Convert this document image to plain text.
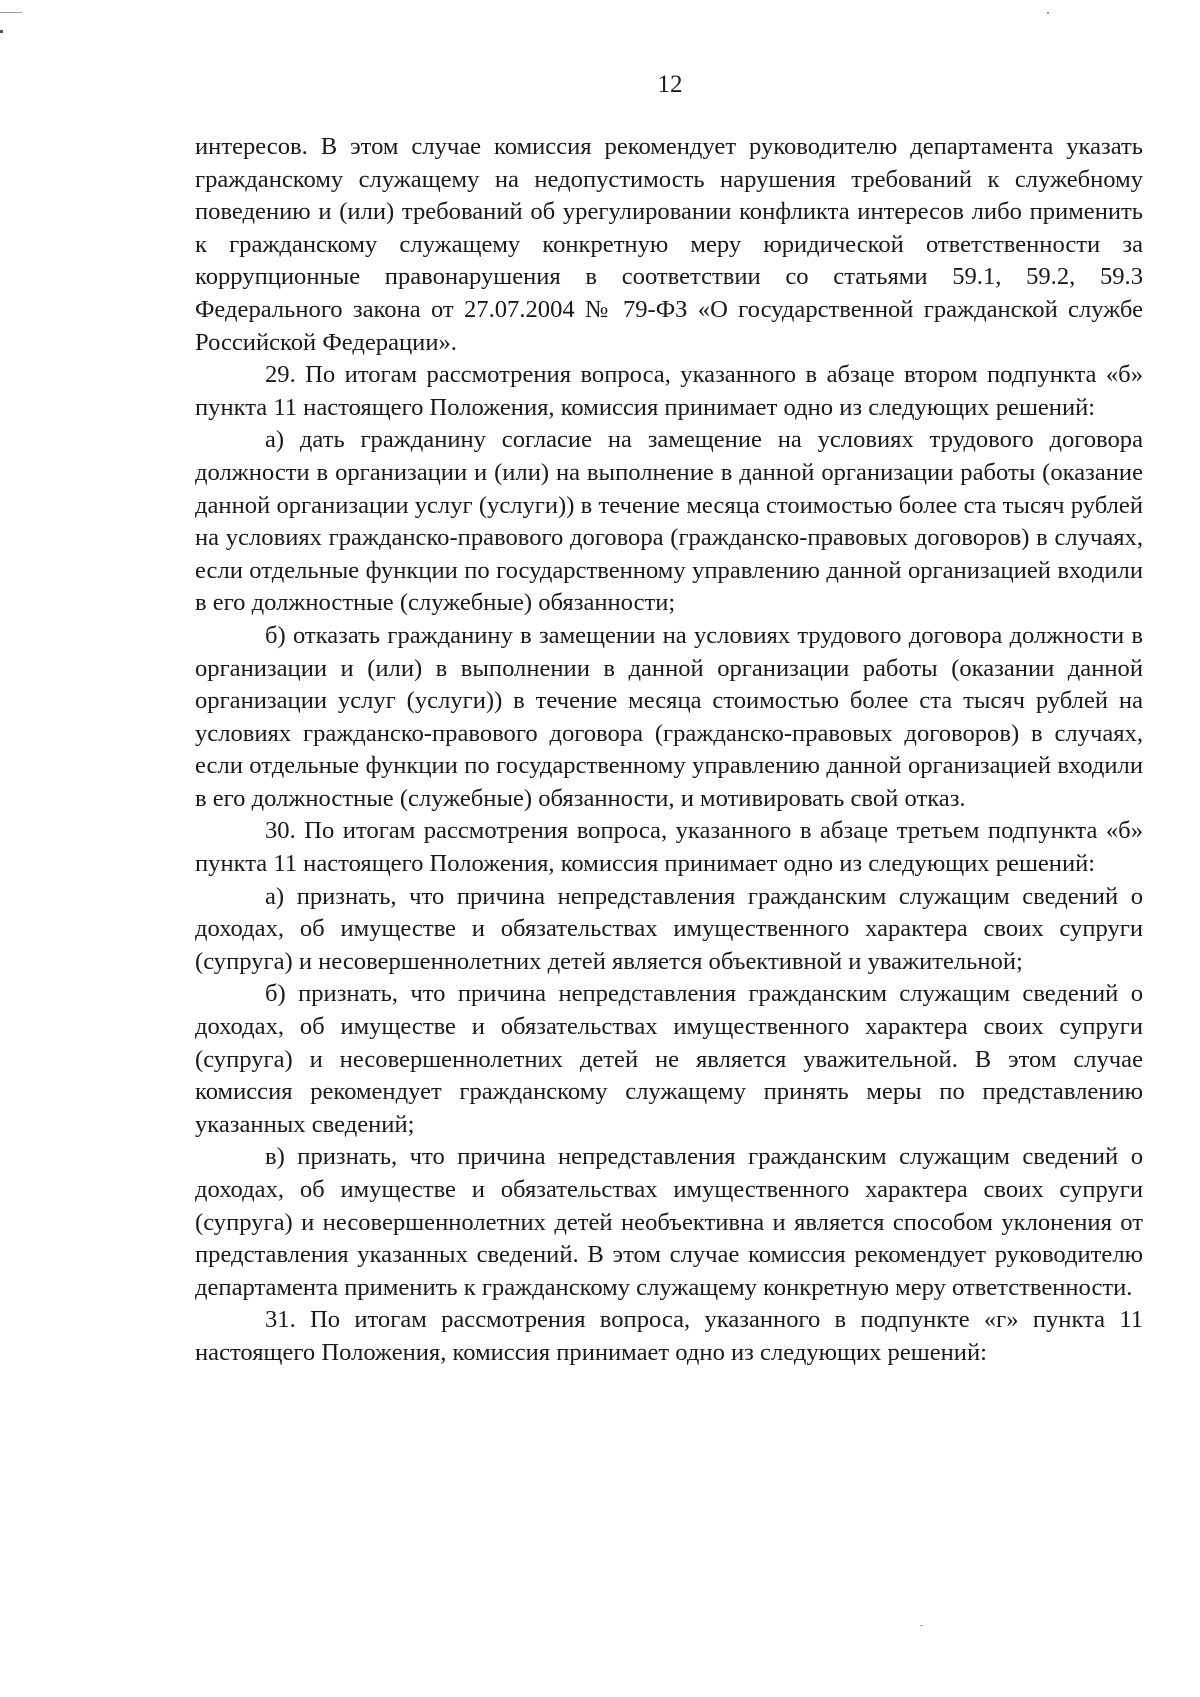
12

интересов. В этом случае комиссия рекомендует руководителю департамента указать гражданскому служащему на недопустимость нарушения требований к служебному поведению и (или) требований об урегулировании конфликта интересов либо применить к гражданскому служащему конкретную меру юридической ответственности за коррупционные правонарушения в соответствии со статьями 59.1, 59.2, 59.3 Федерального закона от 27.07.2004 № 79-ФЗ «О государственной гражданской службе Российской Федерации».

29. По итогам рассмотрения вопроса, указанного в абзаце втором подпункта «б» пункта 11 настоящего Положения, комиссия принимает одно из следующих решений:

а) дать гражданину согласие на замещение на условиях трудового договора должности в организации и (или) на выполнение в данной организации работы (оказание данной организации услуг (услуги)) в течение месяца стоимостью более ста тысяч рублей на условиях гражданско-правового договора (гражданско-правовых договоров) в случаях, если отдельные функции по государственному управлению данной организацией входили в его должностные (служебные) обязанности;

б) отказать гражданину в замещении на условиях трудового договора должности в организации и (или) в выполнении в данной организации работы (оказании данной организации услуг (услуги)) в течение месяца стоимостью более ста тысяч рублей на условиях гражданско-правового договора (гражданско-правовых договоров) в случаях, если отдельные функции по государственному управлению данной организацией входили в его должностные (служебные) обязанности, и мотивировать свой отказ.

30. По итогам рассмотрения вопроса, указанного в абзаце третьем подпункта «б» пункта 11 настоящего Положения, комиссия принимает одно из следующих решений:

а) признать, что причина непредставления гражданским служащим сведений о доходах, об имуществе и обязательствах имущественного характера своих супруги (супруга) и несовершеннолетних детей является объективной и уважительной;

б) признать, что причина непредставления гражданским служащим сведений о доходах, об имуществе и обязательствах имущественного характера своих супруги (супруга) и несовершеннолетних детей не является уважительной. В этом случае комиссия рекомендует гражданскому служащему принять меры по представлению указанных сведений;

в) признать, что причина непредставления гражданским служащим сведений о доходах, об имуществе и обязательствах имущественного характера своих супруги (супруга) и несовершеннолетних детей необъективна и является способом уклонения от представления указанных сведений. В этом случае комиссия рекомендует руководителю департамента применить к гражданскому служащему конкретную меру ответственности.

31. По итогам рассмотрения вопроса, указанного в подпункте «г» пункта 11 настоящего Положения, комиссия принимает одно из следующих решений:
